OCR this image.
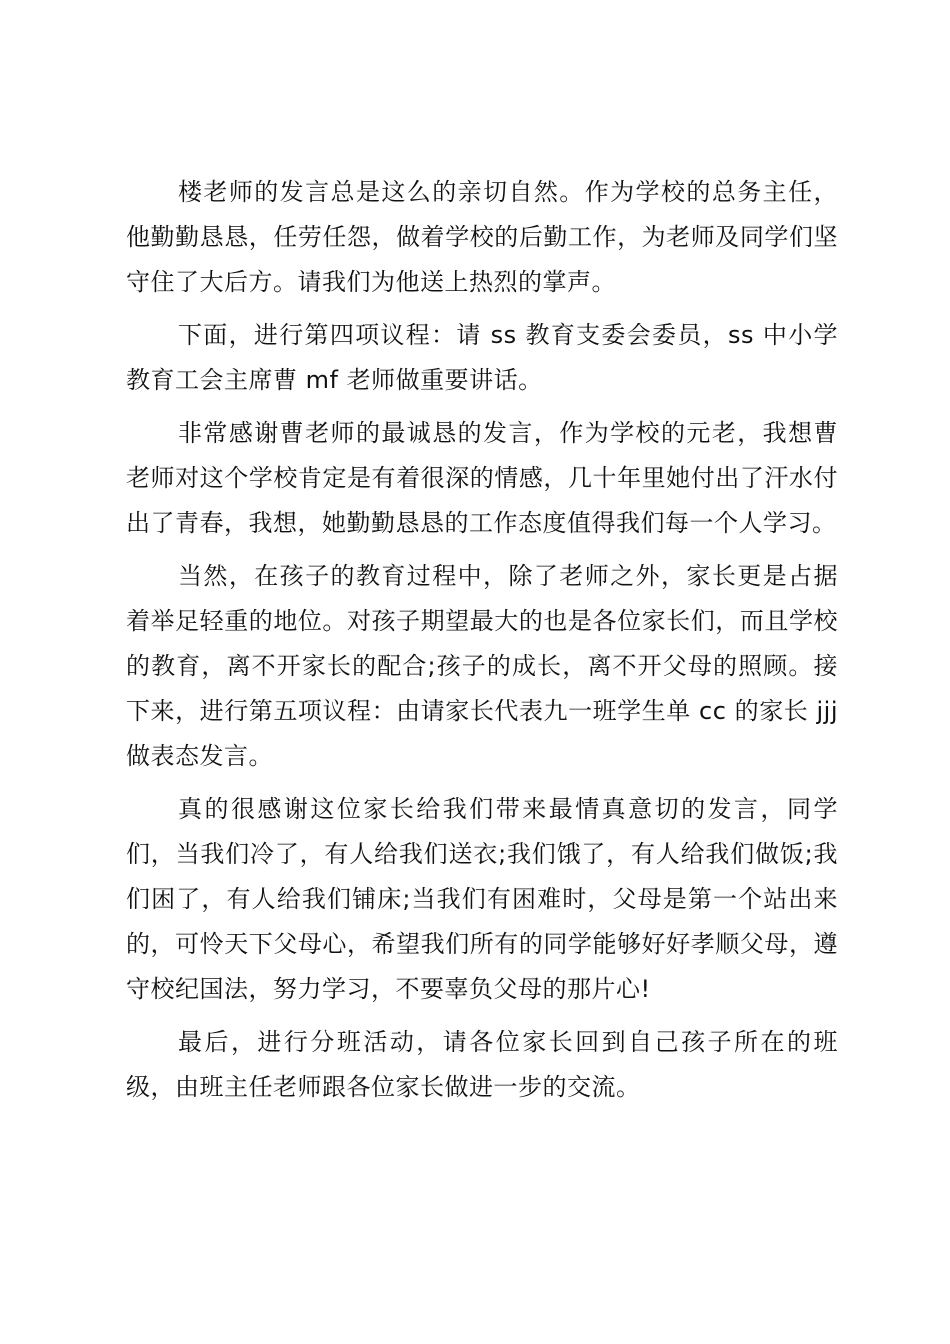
楼老师的发言总是这么的亲切自然。作为学校的总务主任，他勤勤恳恳，任劳任怨，做着学校的后勤工作，为老师及同学们坚守住了大后方。请我们为他送上热烈的掌声。

下面，进行第四项议程：请 ss 教育支委会委员，ss 中小学教育工会主席曹 mf 老师做重要讲话。

非常感谢曹老师的最诚恳的发言，作为学校的元老，我想曹老师对这个学校肯定是有着很深的情感，几十年里她付出了汗水付出了青春，我想，她勤勤恳恳的工作态度值得我们每一个人学习。

当然，在孩子的教育过程中，除了老师之外，家长更是占据着举足轻重的地位。对孩子期望最大的也是各位家长们，而且学校的教育，离不开家长的配合;孩子的成长，离不开父母的照顾。接下来，进行第五项议程：由请家长代表九一班学生单 cc 的家长 jjj 做表态发言。

真的很感谢这位家长给我们带来最情真意切的发言，同学们，当我们冷了，有人给我们送衣;我们饿了，有人给我们做饭;我们困了，有人给我们铺床;当我们有困难时，父母是第一个站出来的，可怜天下父母心，希望我们所有的同学能够好好孝顺父母，遵守校纪国法，努力学习，不要辜负父母的那片心!

最后，进行分班活动，请各位家长回到自己孩子所在的班级，由班主任老师跟各位家长做进一步的交流。
